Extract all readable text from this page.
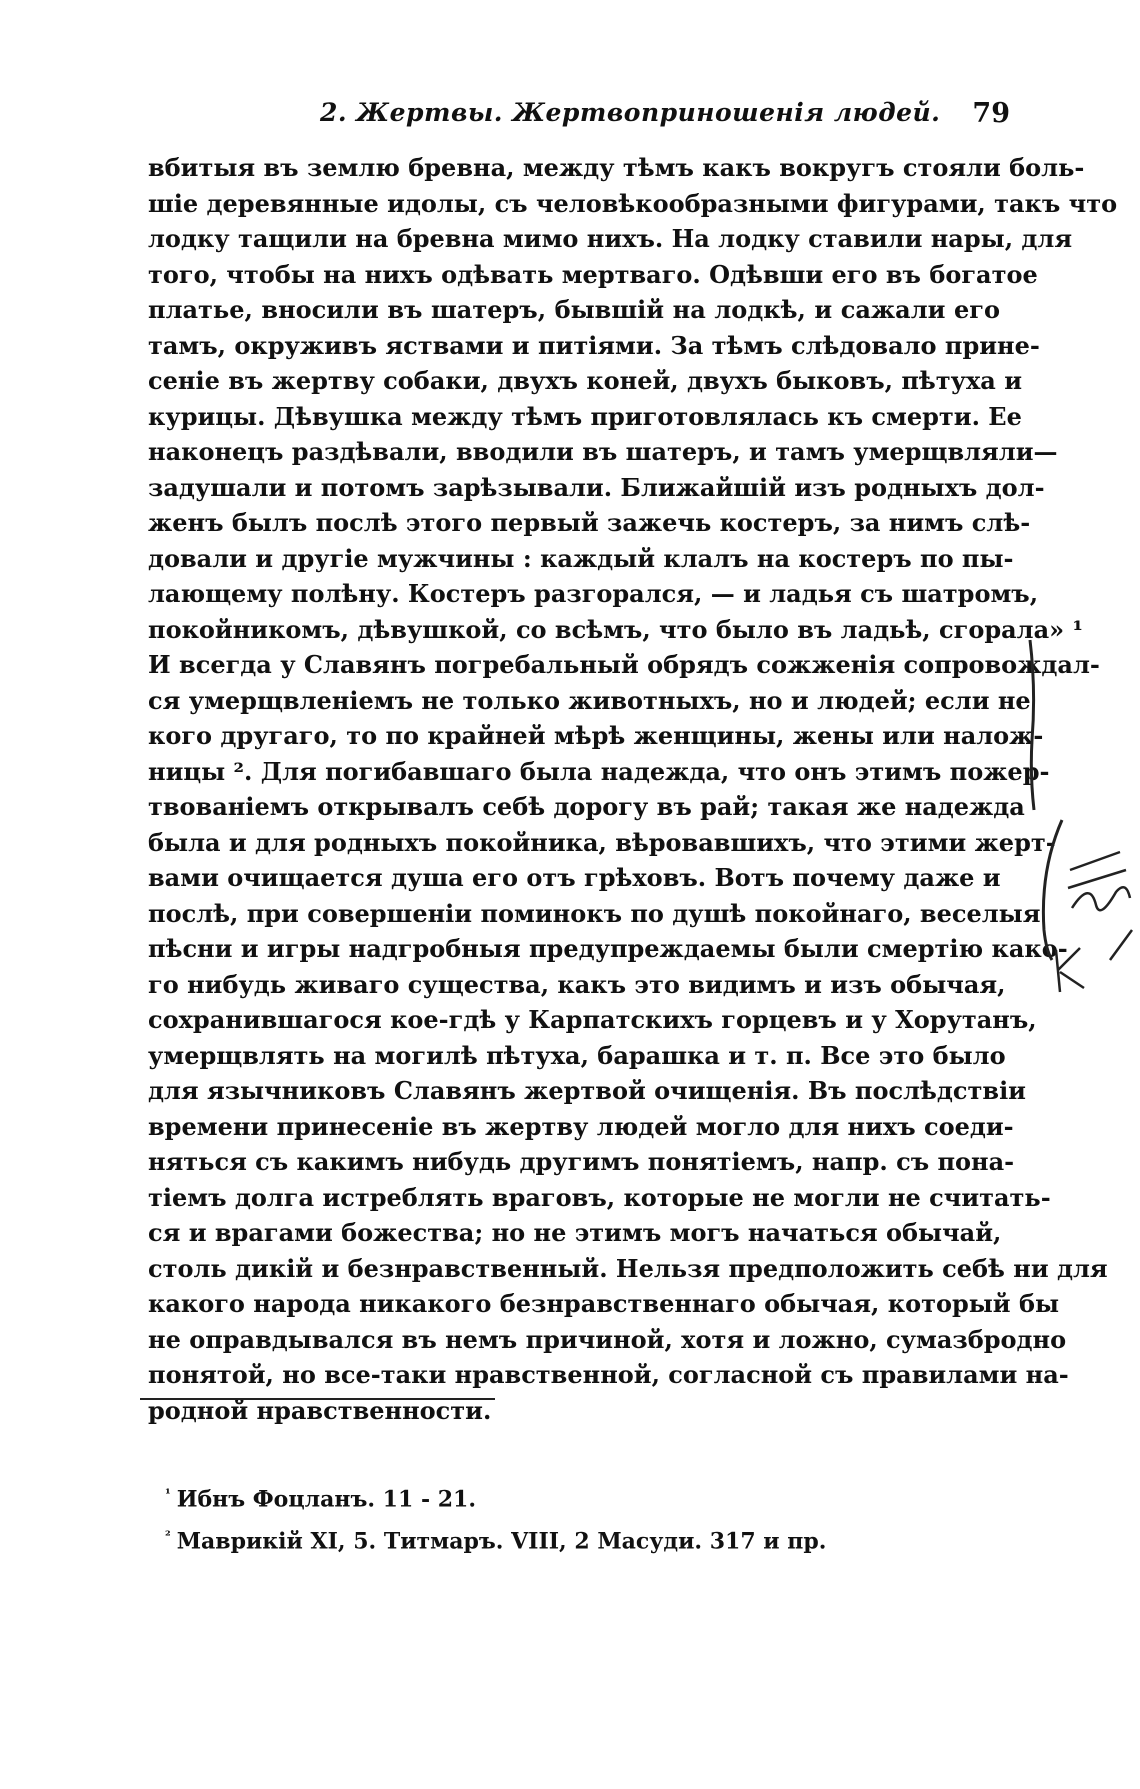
2. Жертвы. Жертвоприношенія людей. 79
вбитыя въ землю бревна, между тѣмъ какъ вокругъ стояли боль-
шіе деревянные идолы, съ человѣкообразными фигурами, такъ что
лодку тащили на бревна мимо нихъ. На лодку ставили нары, для
того, чтобы на нихъ одѣвать мертваго. Одѣвши его въ богатое
платье, вносили въ шатеръ, бывшій на лодкѣ, и сажали его
тамъ, окруживъ яствами и питіями. За тѣмъ слѣдовало прине-
сеніе въ жертву собаки, двухъ коней, двухъ быковъ, пѣтуха и
курицы. Дѣвушка между тѣмъ приготовлялась къ смерти. Ее
наконецъ раздѣвали, вводили въ шатеръ, и тамъ умерщвляли—
задушали и потомъ зарѣзывали. Ближайшій изъ родныхъ дол-
женъ былъ послѣ этого первый зажечь костеръ, за нимъ слѣ-
довали и другіе мужчины : каждый клалъ на костеръ по пы-
лающему полѣну. Костеръ разгорался, — и ладья съ шатромъ,
покойникомъ, дѣвушкой, со всѣмъ, что было въ ладьѣ, сгорала» ¹
И всегда у Славянъ погребальный обрядъ сожженія сопровождал-
ся умерщвленіемъ не только животныхъ, но и людей; если не
кого другаго, то по крайней мѣрѣ женщины, жены или налож-
ницы ². Для погибавшаго была надежда, что онъ этимъ пожер-
твованіемъ открывалъ себѣ дорогу въ рай; такая же надежда
была и для родныхъ покойника, вѣровавшихъ, что этими жерт-
вами очищается душа его отъ грѣховъ. Вотъ почему даже и
послѣ, при совершеніи поминокъ по душѣ покойнаго, веселыя
пѣсни и игры надгробныя предупреждаемы были смертію како-
го нибудь живаго существа, какъ это видимъ и изъ обычая,
сохранившагося кое-гдѣ у Карпатскихъ горцевъ и у Хорутанъ,
умерщвлять на могилѣ пѣтуха, барашка и т. п. Все это было
для язычниковъ Славянъ жертвой очищенія. Въ послѣдствіи
времени принесеніе въ жертву людей могло для нихъ соеди-
няться съ какимъ нибудь другимъ понятіемъ, напр. съ пона-
тіемъ долга истреблять враговъ, которые не могли не считать-
ся и врагами божества; но не этимъ могъ начаться обычай,
столь дикій и безнравственный. Нельзя предположить себѣ ни для
какого народа никакого безнравственнаго обычая, который бы
не оправдывался въ немъ причиной, хотя и ложно, сумазбродно
понятой, но все-таки нравственной, согласной съ правилами на-
родной нравственности.
$^{^1}$ Ибнъ Фоцланъ. 11 - 21.
$^{^2}$ Маврикій XI, 5. Титмаръ. VIII, 2 Масуди. 317 и пр.
